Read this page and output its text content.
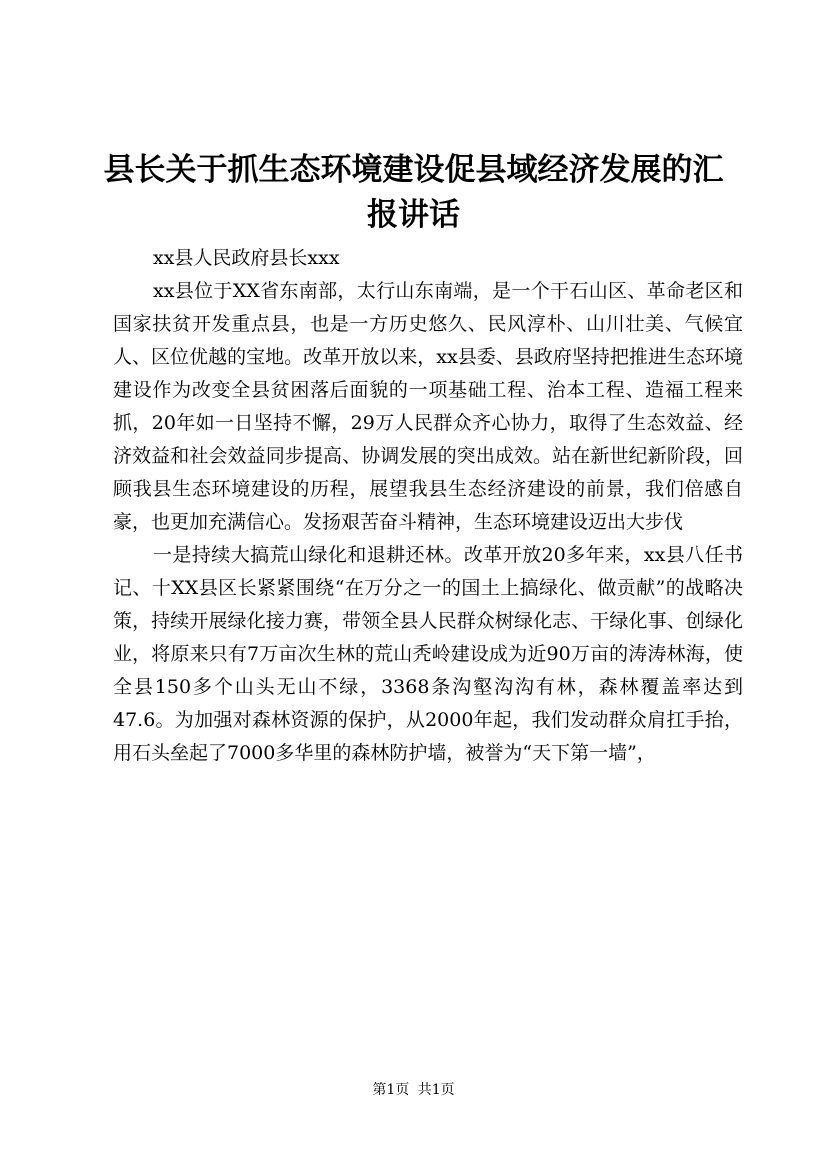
县长关于抓生态环境建设促县域经济发展的汇
报讲话

xx县人民政府县长xxx

xx县位于XX省东南部，太行山东南端，是一个干石山区、革命老区和国家扶贫开发重点县，也是一方历史悠久、民风淳朴、山川壮美、气候宜人、区位优越的宝地。改革开放以来，xx县委、县政府坚持把推进生态环境建设作为改变全县贫困落后面貌的一项基础工程、治本工程、造福工程来抓，20年如一日坚持不懈，29万人民群众齐心协力，取得了生态效益、经济效益和社会效益同步提高、协调发展的突出成效。站在新世纪新阶段，回顾我县生态环境建设的历程，展望我县生态经济建设的前景，我们倍感自豪，也更加充满信心。发扬艰苦奋斗精神，生态环境建设迈出大步伐

一是持续大搞荒山绿化和退耕还林。改革开放20多年来，xx县八任书记、十XX县区长紧紧围绕“在万分之一的国土上搞绿化、做贡献”的战略决策，持续开展绿化接力赛，带领全县人民群众树绿化志、干绿化事、创绿化业，将原来只有7万亩次生林的荒山秃岭建设成为近90万亩的涛涛林海，使全县150多个山头无山不绿，3368条沟壑沟沟有林，森林覆盖率达到47.6。为加强对森林资源的保护，从2000年起，我们发动群众肩扛手抬，用石头垒起了7000多华里的森林防护墙，被誉为“天下第一墙”，

第1页 共1页
